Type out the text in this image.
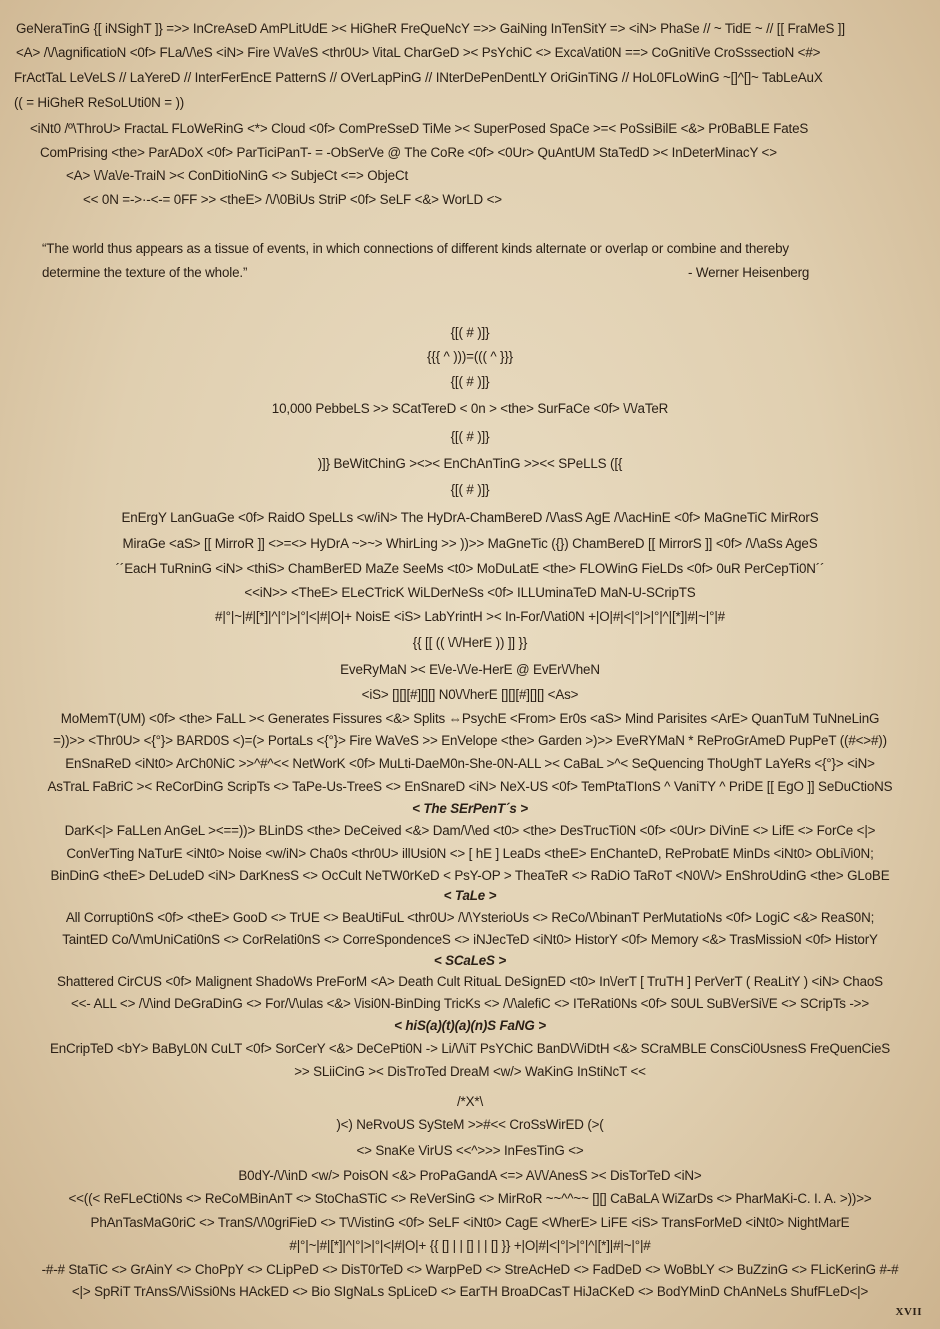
GeNeraTinG {[ iNSighT ]} =>> InCreAseD AmPLitUdE >< HiGheR FreQueNcY =>> GaiNing InTenSitY => <iN> PhaSe // ~ TidE ~ // [[ FraMeS ]]
<A> /\/\agnificatioN <0f> FLa/\/\eS <iN> Fire \/\/a\/eS <thr0U> \/itaL CharGeD >< PsYchiC <> Exca\/ati0N ==> CoGnitiVe CroSssectioN <#>
FrActTaL LeVeLS // LaYereD // InterFerEncE PatternS // OVerLapPinG // INterDePenDentLY OriGinTiNG // HoL0FLoWinG ~[]^[]~ TabLeAuX
(( = HiGheR ReSoLUti0N = ))
<iNt0 /º\ThroU> FractaL FLoWeRinG <*> Cloud <0f> ComPreSseD TiMe >< SuperPosed SpaCe >=< PoSsiBilE <&> Pr0BaBLE FateS
ComPrising <the> ParADoX <0f> ParTiciPanT- = -ObSerVe @ The CoRe <0f> <0Ur> QuAntUM StaTedD >< InDeterMinacY <>
<A> \/\/a\/e-TraiN >< ConDitioNinG <> SubjeCt <=> ObjeCt
<< 0N =->·-<-= 0FF >> <theE> /\/\0BiUs StriP <0f> SeLF <&> WorLD <>
“The world thus appears as a tissue of events, in which connections of different kinds alternate or overlap or combine and thereby
determine the texture of the whole.”	- Werner Heisenberg
{[( # )]}
{{{ ^ )))=((( ^ }}}
{[( # )]}
10,000 PebbeLS >> SCatTereD < 0n > <the> SurFaCe <0f> \/\/aTeR
{[( # )]}
)]} BeWitChinG ><>< EnChAnTinG >><< SPeLLS ([{
{[( # )]}
EnErgY LanGuaGe <0f> RaidO SpeLLs <w/iN> The HyDrA-ChamBereD /\/\asS AgE /\/\acHinE <0f> MaGneTiC MirRorS
MiraGe <aS> [[ MirroR ]] <>=<> HyDrA ~>~> WhirLing >> ))>> MaGneTic ({}) ChamBereD [[ MirrorS ]] <0f> /\/\aSs AgeS
´´EacH TuRninG <iN> <thiS> ChamBerED MaZe SeeMs <t0> MoDuLatE <the> FLOWinG FieLDs <0f> 0uR PerCepTi0N´´
<<iN>> <TheE> ELeCTricK WiLDerNeSs <0f> ILLUminaTeD MaN-U-SCripTS
#|°|~|#|[*]|^|°|>|°|<|#|O|+ NoisE <iS> LabYrintH >< In-For/\/\ati0N +|O|#|<|°|>|°|^|[*]|#|~|°|#
{{ [[ (( \/\/HerE )) ]] }}
EveRyMaN >< E\/e-\/\/e-HerE @ EvEr\/\/heN
<iS> [][][#][][] N0\/\/herE [][][#][][] <As>
MoMemT(UM) <0f> <the> FaLL >< Generates Fissures <&> Splits ⇔PsychE <From> Er0s <aS> Mind Parisites <ArE> QuanTuM TuNneLinG
=))>> <Thr0U> <{°}> BARD0S <)=(> PortaLs <{°}> Fire WaVeS >> EnVelope <the> Garden >)>> EveRYMaN * ReProGrAmeD PupPeT ((#<>#))
EnSnaReD <iNt0> ArCh0NiC >>^#^<< NetWorK <0f> MuLti-DaeM0n-She-0N-ALL >< CaBaL >^< SeQuencing ThoUghT LaYeRs <{°}> <iN>
AsTraL FaBriC >< ReCorDinG ScripTs <> TaPe-Us-TreeS <> EnSnareD <iN> NeX-US <0f> TemPtaTIonS ^ VaniTY ^ PriDE [[ EgO ]] SeDuCtioNS
< The SErPenT´s >
DarK<|> FaLLen AnGeL ><==))> BLinDS <the> DeCeived <&> Dam/\/\ed <t0> <the> DesTrucTi0N <0f> <0Ur> DiVinE <> LifE <> ForCe <|>
Con\/erTing NaTurE <iNt0> Noise <w/iN> Cha0s <thr0U> illUsi0N <> [ hE ] LeaDs <theE> EnChanteD, ReProbatE MinDs <iNt0> ObLi\/i0N;
BinDinG <theE> DeLudeD <iN> DarKnesS <> OcCult NeTW0rKeD < PsY-OP > TheaTeR <> RaDiO TaRoT <N0\/\/> EnShroUdinG <the> GLoBE
< TaLe >
All Corrupti0nS <0f> <theE> GooD <> TrUE <> BeaUtiFuL <thr0U> /\/\YsterioUs <> ReCo/\/\binanT PerMutatioNs <0f> LogiC <&> ReaS0N;
TaintED Co/\/\mUniCati0nS <> CorRelati0nS <> CorreSpondenceS <> iNJecTeD <iNt0> HistorY <0f> Memory <&> TrasMissioN <0f> HistorY
< SCaLeS >
Shattered CirCUS <0f> Malignent ShadoWs PreForM <A> Death Cult RituaL DeSignED <t0> In\/erT [ TruTH ] PerVerT ( ReaLitY ) <iN> ChaoS
<<- ALL <> /\/\ind DeGraDinG <> For/\/\ulas <&> \/isi0N-BinDing TricKs <> /\/\alefiC <> ITeRati0Ns <0f> S0UL SuB\/erSi\/E <> SCripTs ->>
< hiS(a)(t)(a)(n)S FaNG >
EnCripTeD <bY> BaByL0N CuLT <0f> SorCerY <&> DeCePti0N -> Li/\/\iT PsYChiC BanD\/\/iDtH <&> SCraMBLE ConsCi0UsnesS FreQuenCieS
>> SLiiCinG >< DisTroTed DreaM <w/> WaKinG InStiNcT <<
/*X*\
)<) NeRvoUS SySteM >>#<< CroSsWirED (>(
<> SnaKe VirUS <<^>>> InFesTinG <>
B0dY-/\/\inD <w/> PoisON <&> ProPaGandA <=> A\/\/AnesS >< DisTorTeD <iN>
<<((< ReFLeCti0Ns <> ReCoMBinAnT <> StoChaSTiC <> ReVerSinG <> MirRoR ~~^^~~ [][] CaBaLA WiZarDs <> PharMaKi-C. I. A. >))>>
PhAnTasMaG0riC <> TranS/\/\0griFieD <> T\/\/istinG <0f> SeLF <iNt0> CagE <WherE> LiFE <iS> TransForMeD <iNt0> NightMarE
#|°|~|#|[*]|^|°|>|°|<|#|O|+ {{ [] | | [] | | [] }} +|O|#|<|°|>|°|^|[*]|#|~|°|#
-#-# StaTiC <> GrAinY <> ChoPpY <> CLipPeD <> DisT0rTeD <> WarpPeD <> StreAcHeD <> FadDeD <> WoBbLY <> BuZzinG <> FLicKerinG #-#
<|> SpRiT TrAnsS/\/\iSsi0Ns HAckED <> Bio SIgNaLs SpLiceD <> EarTH BroaDCasT HiJaCKeD <> BodYMinD ChAnNeLs ShufFLeD<|>
XVII
